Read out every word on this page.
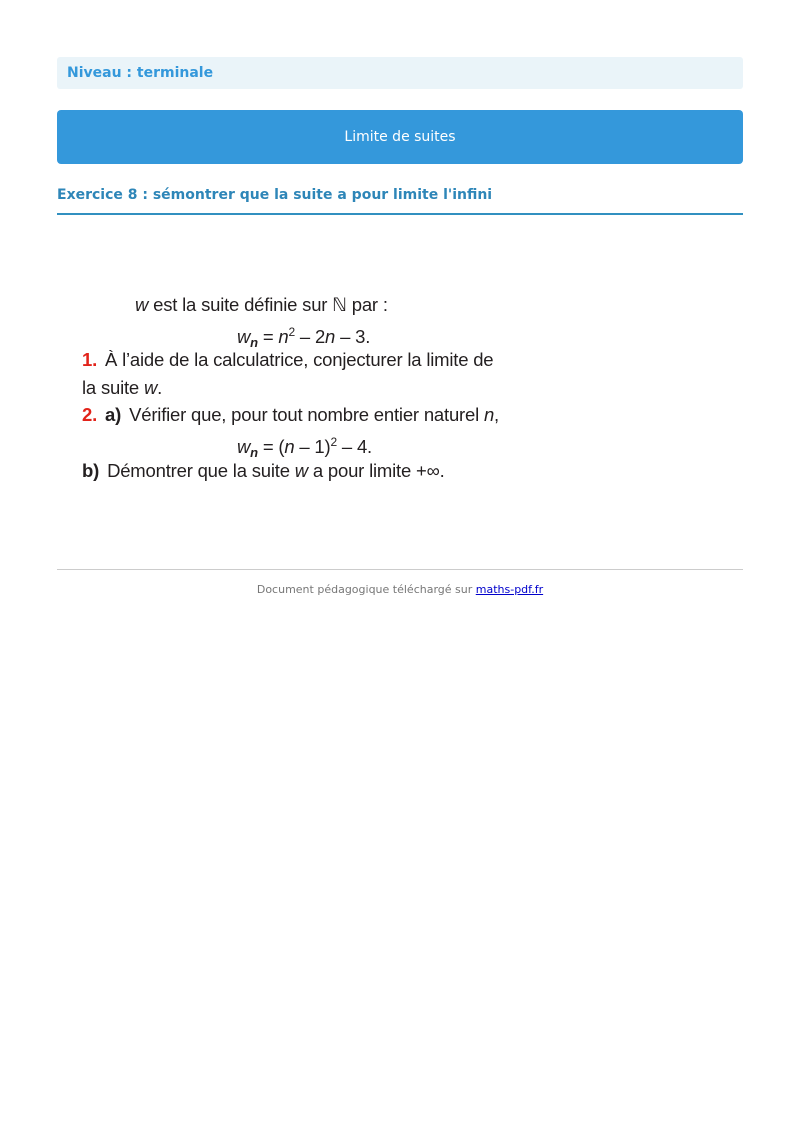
Niveau : terminale
Limite de suites
Exercice 8 : sémontrer que la suite a pour limite l'infini
w est la suite définie sur ℕ par :
$w_n = n^2 - 2n - 3$.
1. À l’aide de la calculatrice, conjecturer la limite de
la suite w.
2. a) Vérifier que, pour tout nombre entier naturel n,
$w_n = (n - 1)^2 - 4$.
b) Démontrer que la suite w a pour limite +∞.
Document pédagogique téléchargé sur maths-pdf.fr
